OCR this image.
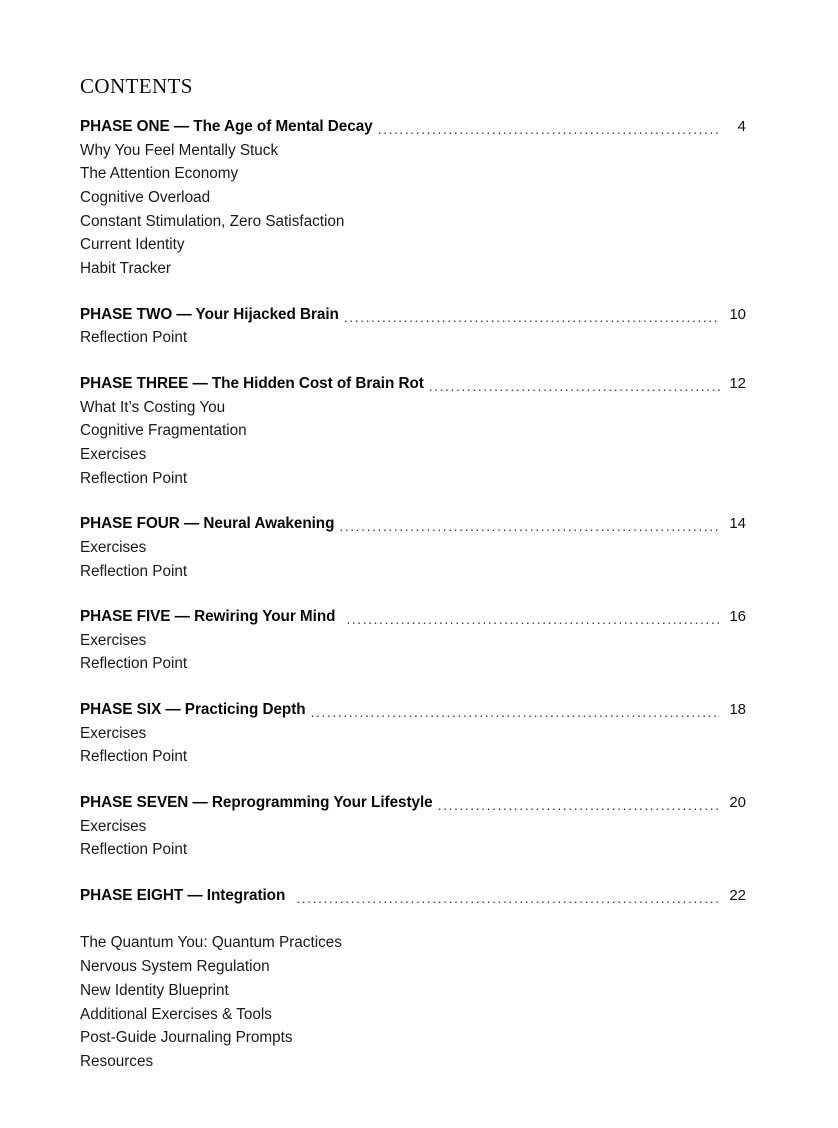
CONTENTS
PHASE ONE — The Age of Mental Decay .....	4
Why You Feel Mentally Stuck
The Attention Economy
Cognitive Overload
Constant Stimulation, Zero Satisfaction
Current Identity
Habit Tracker
PHASE TWO — Your Hijacked Brain .....	10
Reflection Point
PHASE THREE — The Hidden Cost of Brain Rot .....	12
What It’s Costing You
Cognitive Fragmentation
Exercises
Reflection Point
PHASE FOUR — Neural Awakening .....	14
Exercises
Reflection Point
PHASE FIVE — Rewiring Your Mind .....	16
Exercises
Reflection Point
PHASE SIX — Practicing Depth .....	18
Exercises
Reflection Point
PHASE SEVEN — Reprogramming Your Lifestyle .....	20
Exercises
Reflection Point
PHASE EIGHT — Integration .....	22
The Quantum You: Quantum Practices
Nervous System Regulation
New Identity Blueprint
Additional Exercises & Tools
Post-Guide Journaling Prompts
Resources
